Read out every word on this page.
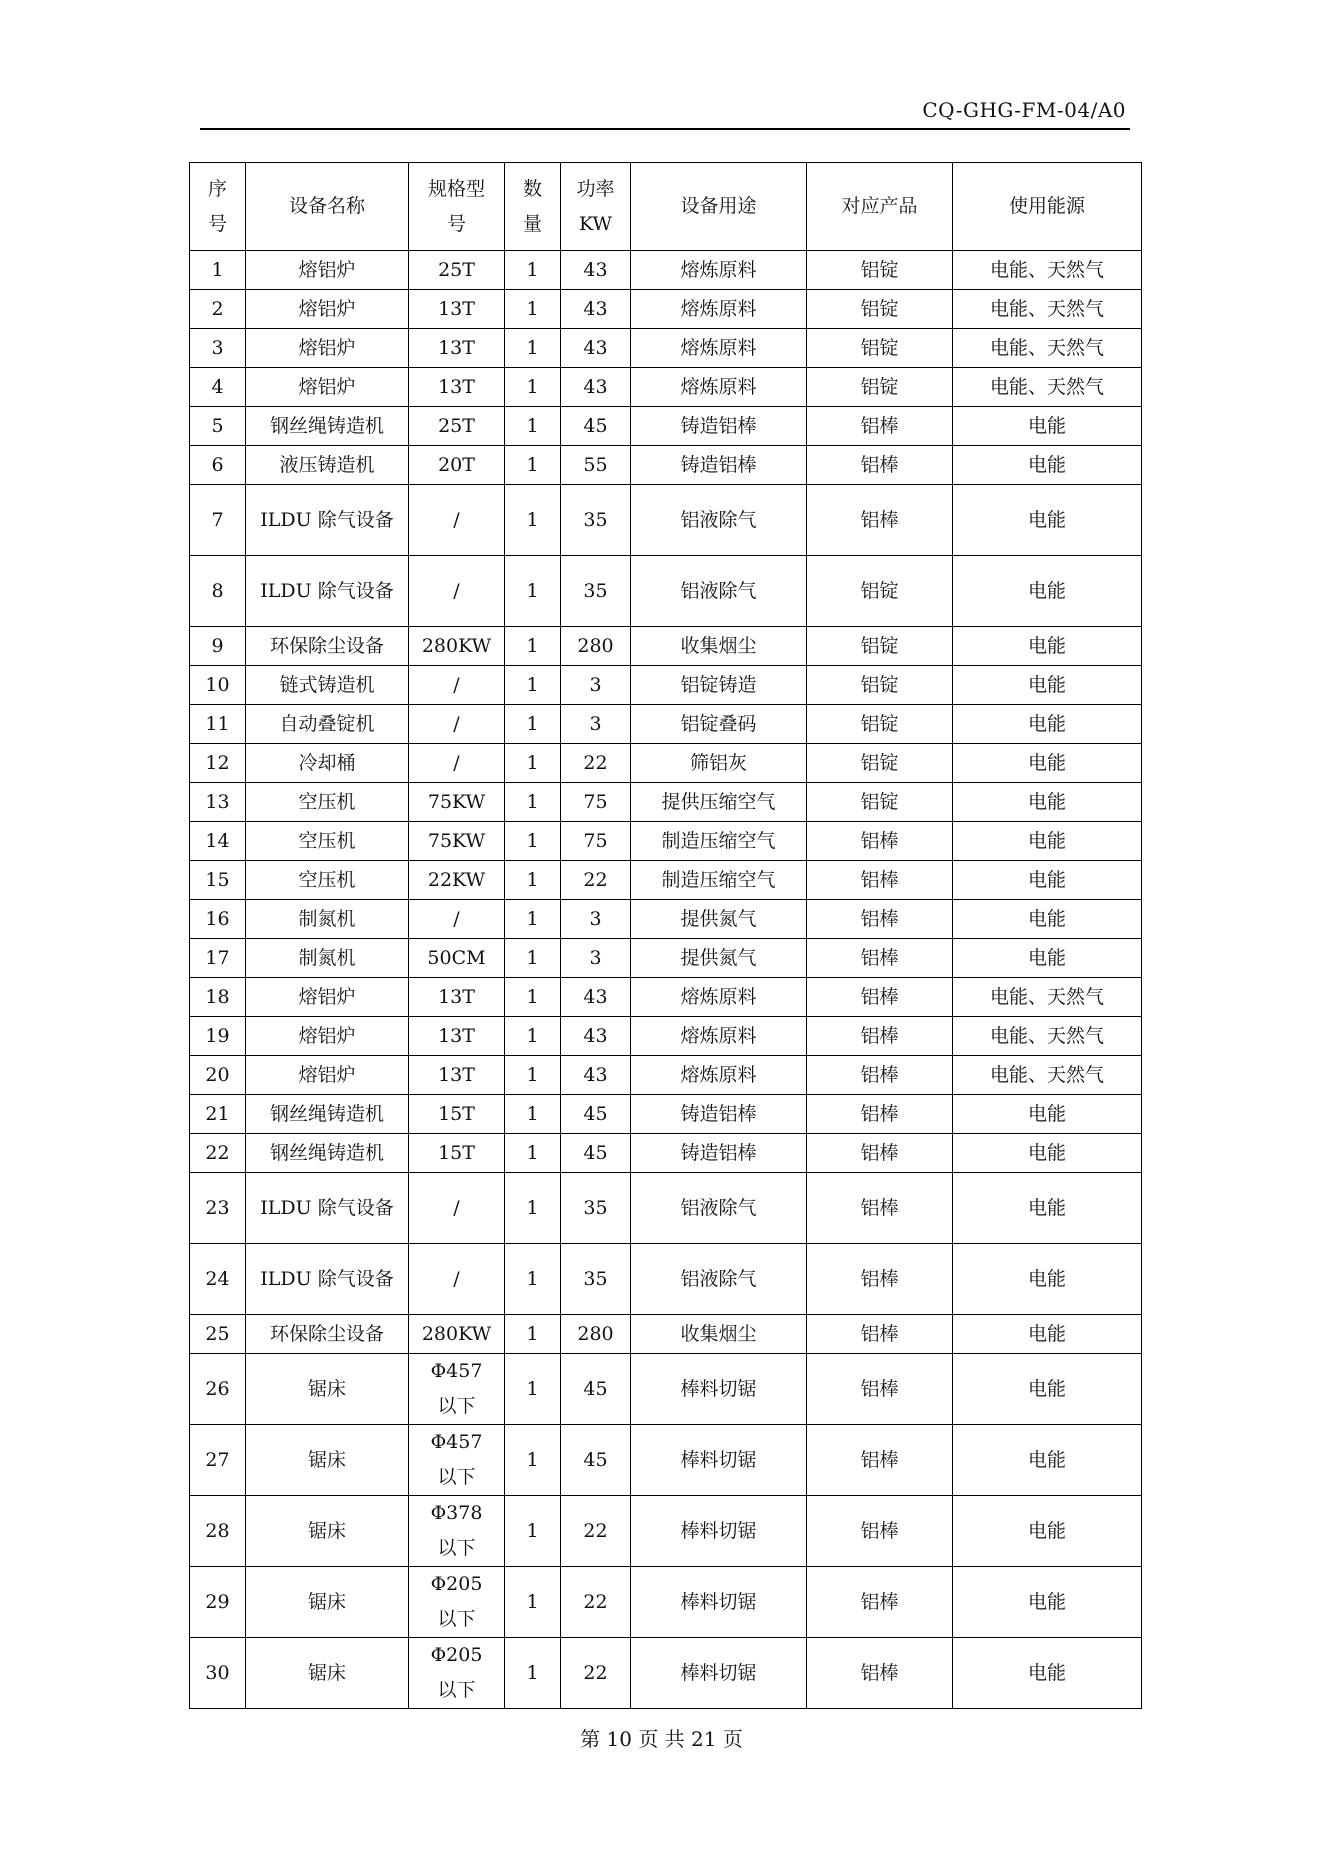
CQ-GHG-FM-04/A0
序号	设备名称	规格型号	数量	功率KW	设备用途	对应产品	使用能源
1	熔铝炉	25T	1	43	熔炼原料	铝锭	电能、天然气
2	熔铝炉	13T	1	43	熔炼原料	铝锭	电能、天然气
3	熔铝炉	13T	1	43	熔炼原料	铝锭	电能、天然气
4	熔铝炉	13T	1	43	熔炼原料	铝锭	电能、天然气
5	钢丝绳铸造机	25T	1	45	铸造铝棒	铝棒	电能
6	液压铸造机	20T	1	55	铸造铝棒	铝棒	电能
7	ILDU 除气设备	/	1	35	铝液除气	铝棒	电能
8	ILDU 除气设备	/	1	35	铝液除气	铝锭	电能
9	环保除尘设备	280KW	1	280	收集烟尘	铝锭	电能
10	链式铸造机	/	1	3	铝锭铸造	铝锭	电能
11	自动叠锭机	/	1	3	铝锭叠码	铝锭	电能
12	冷却桶	/	1	22	筛铝灰	铝锭	电能
13	空压机	75KW	1	75	提供压缩空气	铝锭	电能
14	空压机	75KW	1	75	制造压缩空气	铝棒	电能
15	空压机	22KW	1	22	制造压缩空气	铝棒	电能
16	制氮机	/	1	3	提供氮气	铝棒	电能
17	制氮机	50CM	1	3	提供氮气	铝棒	电能
18	熔铝炉	13T	1	43	熔炼原料	铝棒	电能、天然气
19	熔铝炉	13T	1	43	熔炼原料	铝棒	电能、天然气
20	熔铝炉	13T	1	43	熔炼原料	铝棒	电能、天然气
21	钢丝绳铸造机	15T	1	45	铸造铝棒	铝棒	电能
22	钢丝绳铸造机	15T	1	45	铸造铝棒	铝棒	电能
23	ILDU 除气设备	/	1	35	铝液除气	铝棒	电能
24	ILDU 除气设备	/	1	35	铝液除气	铝棒	电能
25	环保除尘设备	280KW	1	280	收集烟尘	铝棒	电能
26	锯床	Φ457以下	1	45	棒料切锯	铝棒	电能
27	锯床	Φ457以下	1	45	棒料切锯	铝棒	电能
28	锯床	Φ378以下	1	22	棒料切锯	铝棒	电能
29	锯床	Φ205以下	1	22	棒料切锯	铝棒	电能
30	锯床	Φ205以下	1	22	棒料切锯	铝棒	电能
第 10 页 共 21 页
